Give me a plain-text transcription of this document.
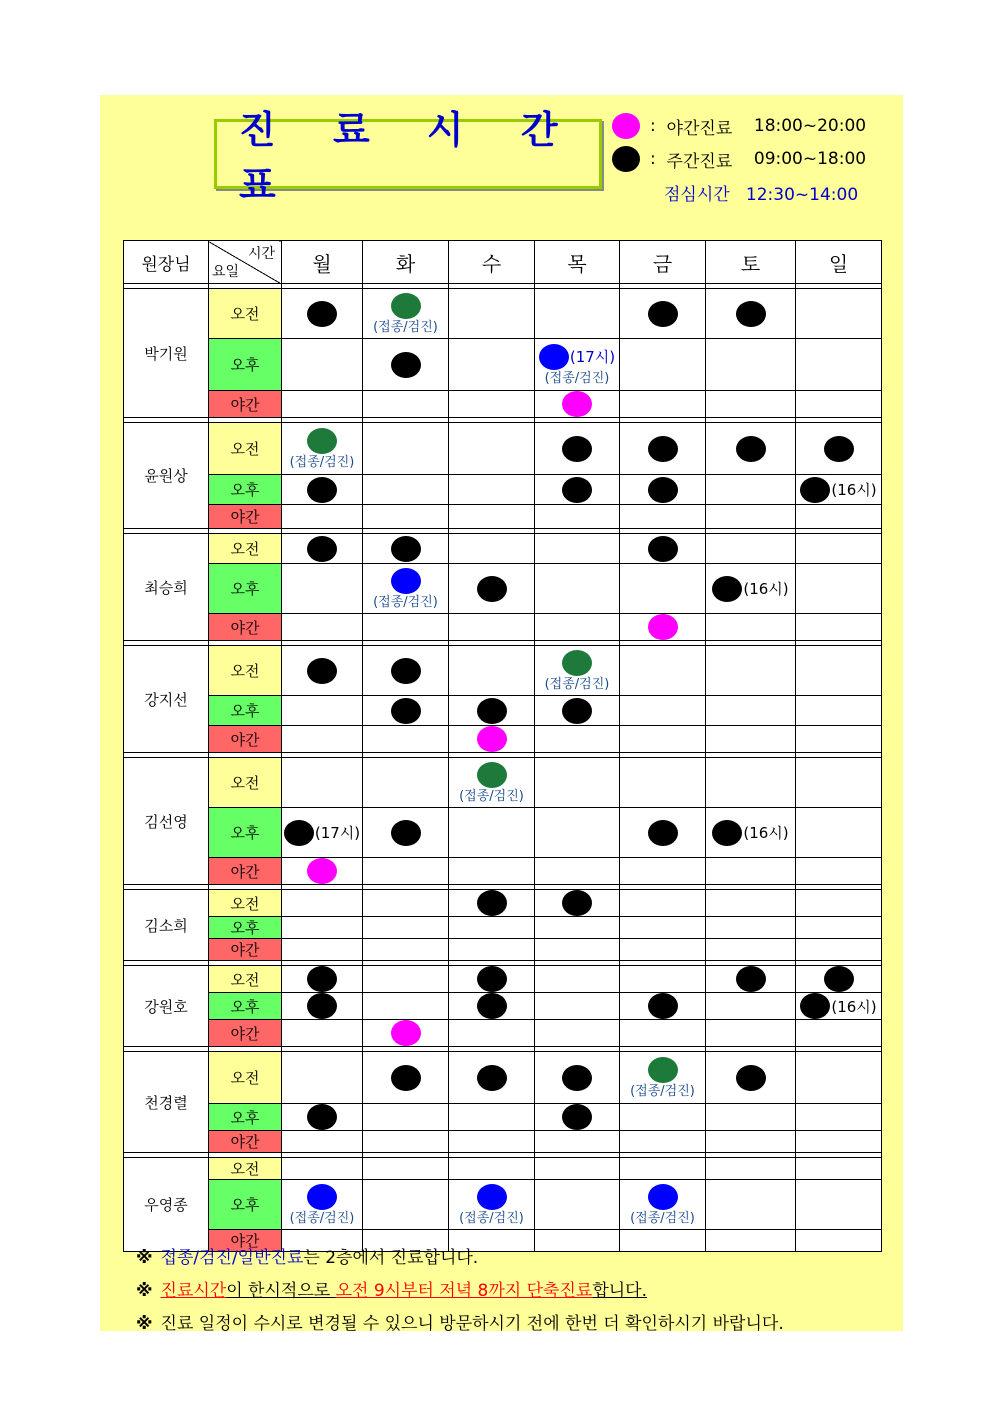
진 료 시 간 표
: 야간진료
18:00~20:00
: 주간진료
09:00~18:00
점심시간 12:30~14:00
원장님	시간
요일	월	화	수	목	금	토	일

박기원	오전		(접종/검진)					

	오후				(17시)
(접종/검진)			

	야간							

윤원상	오전	(접종/검진)						

	오후							(16시)
	야간							

최승희	오전							
	오후		(접종/검진)				(16시)	
	야간							

강지선	오전				(접종/검진)			

	오후							
	야간							

김선영	오전			(접종/검진)				

	오후	(17시)					(16시)	
	야간							

김소희	오전							
	오후							
	야간							

강원호	오전							
	오후							(16시)
	야간							

천경렬	오전					(접종/검진)		

	오후							
	야간							

우영종	오전							
	오후	(접종/검진)		(접종/검진)		(접종/검진)		

	야간							
※ 접종/검진/일반진료는 2층에서 진료합니다.
※ 진료시간이 한시적으로 오전 9시부터 저녁 8까지 단축진료합니다.
※ 진료 일정이 수시로 변경될 수 있으니 방문하시기 전에 한번 더 확인하시기 바랍니다.
